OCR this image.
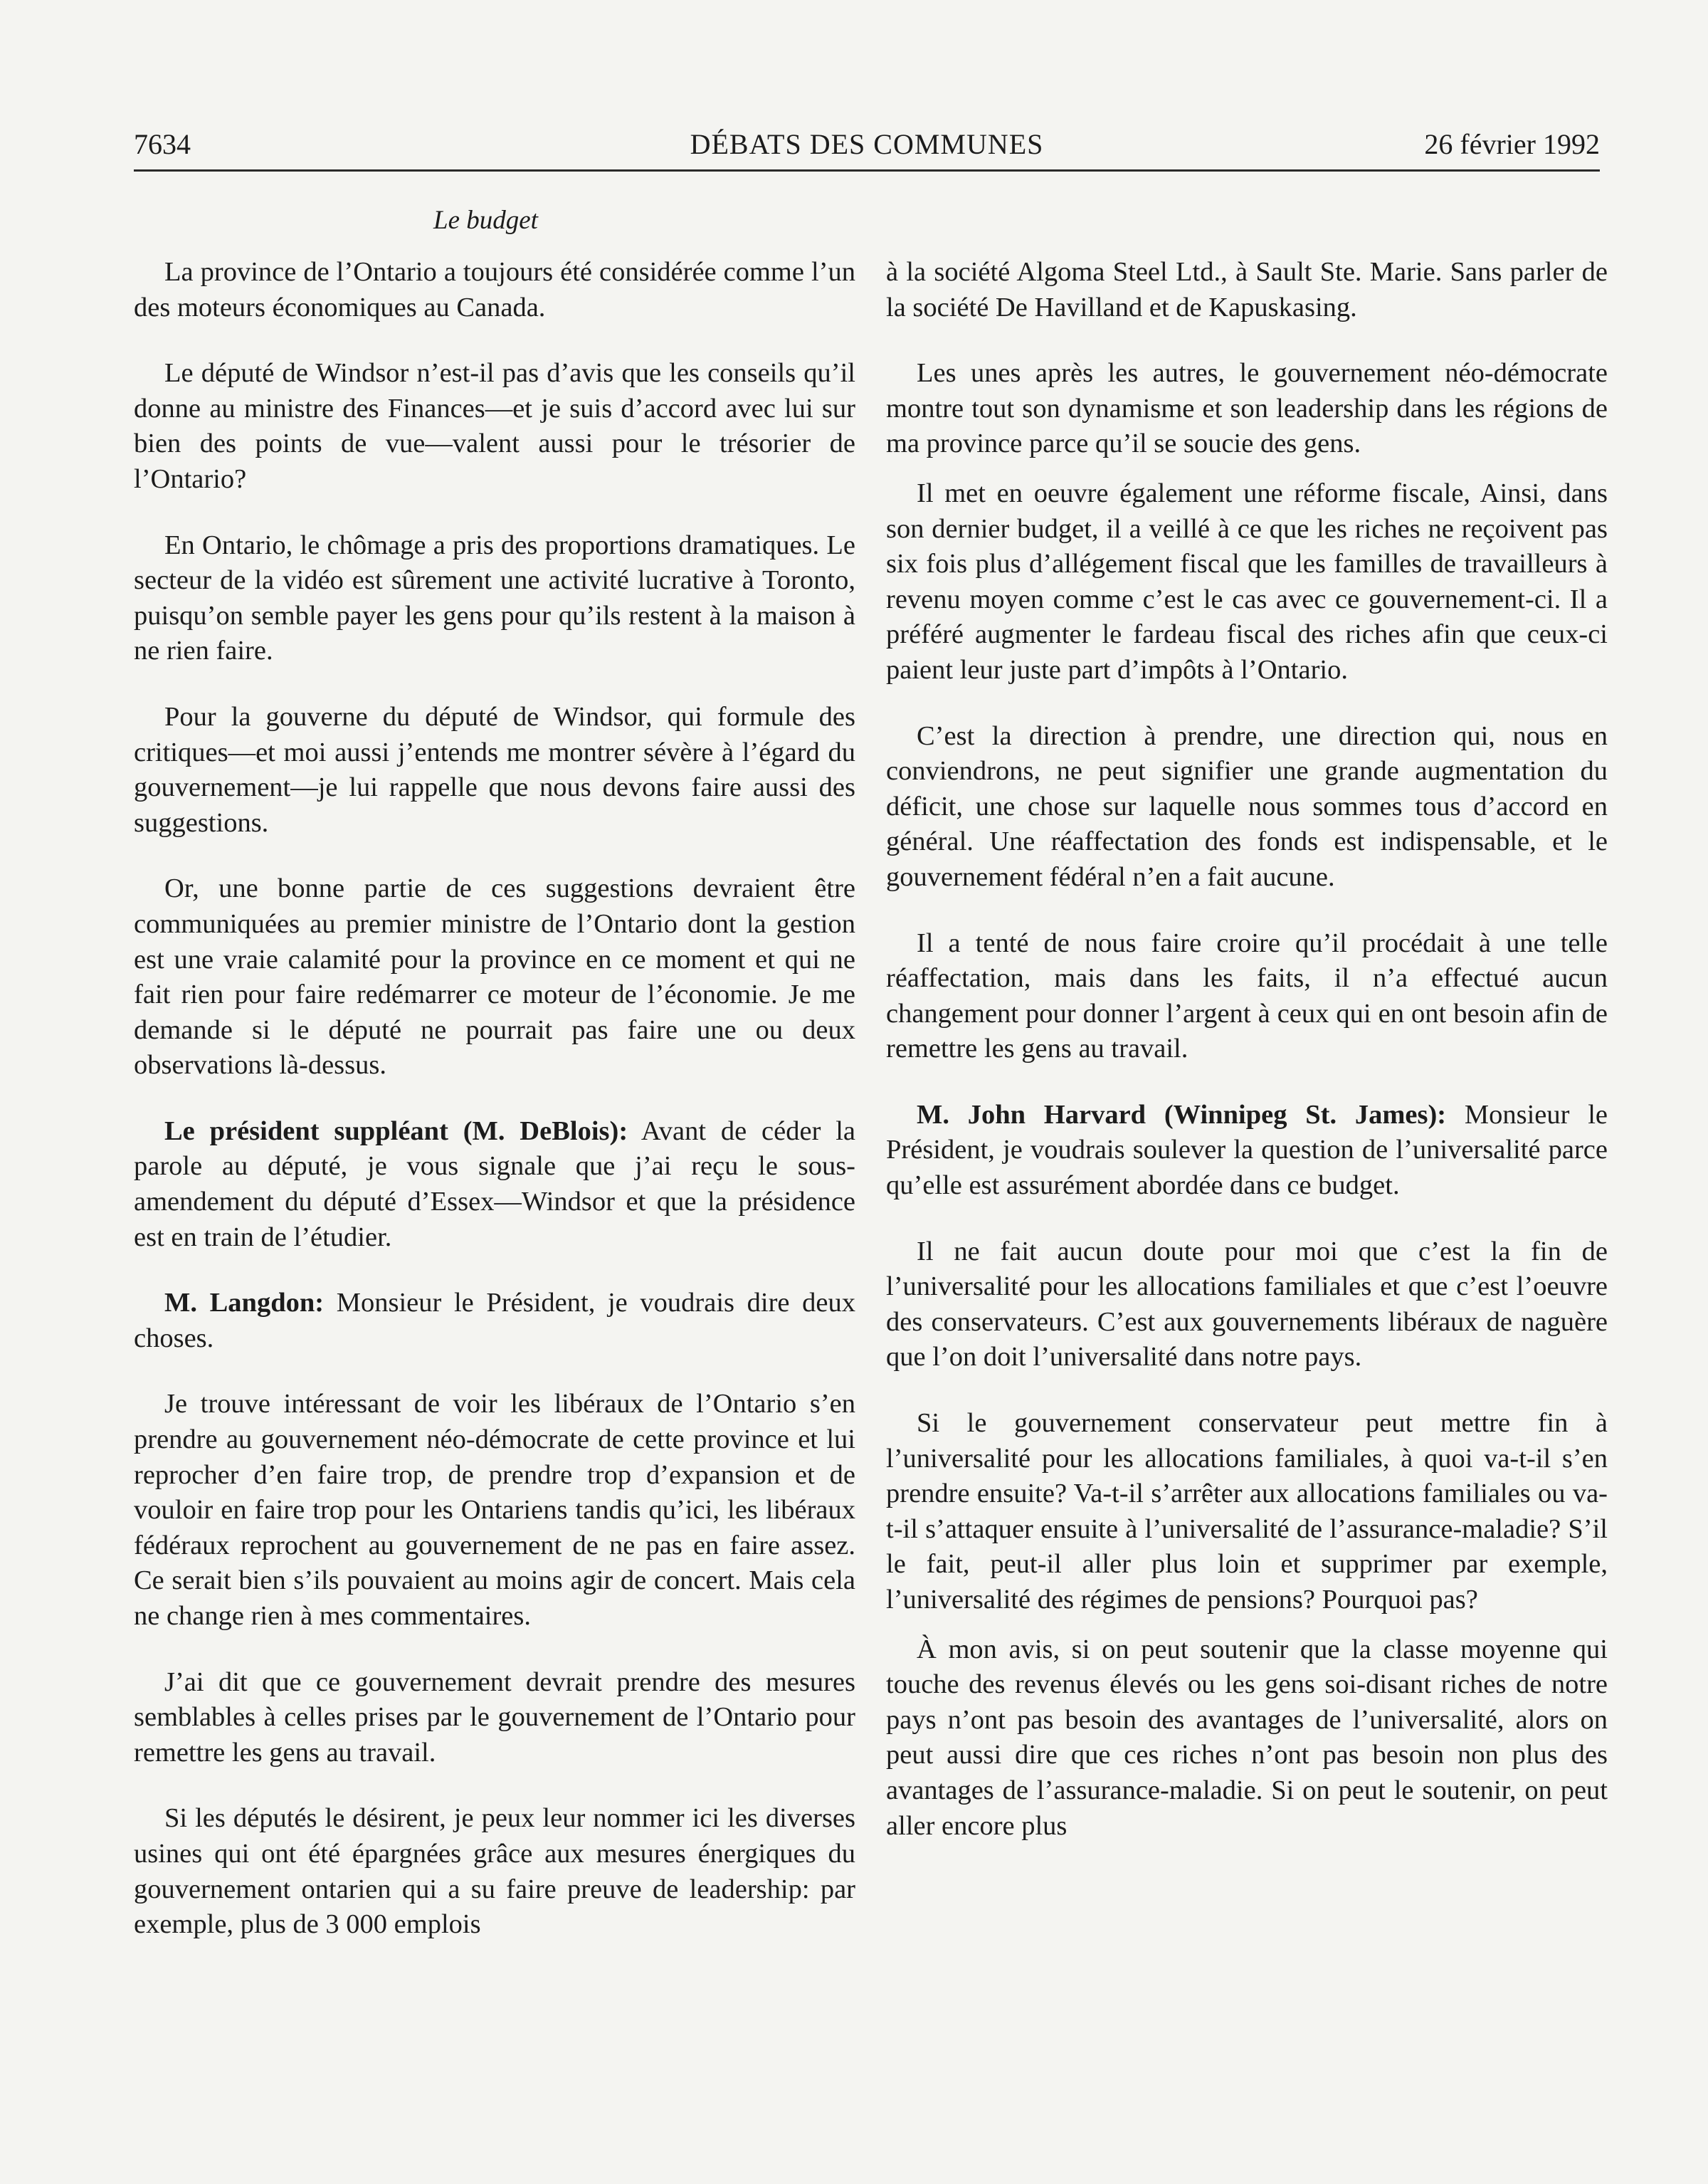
7634	DÉBATS DES COMMUNES	26 février 1992
Le budget

La province de l’Ontario a toujours été considérée comme l’un des moteurs économiques au Canada.

Le député de Windsor n’est-il pas d’avis que les conseils qu’il donne au ministre des Finances—et je suis d’accord avec lui sur bien des points de vue—valent aussi pour le trésorier de l’Ontario?

En Ontario, le chômage a pris des proportions dramatiques. Le secteur de la vidéo est sûrement une activité lucrative à Toronto, puisqu’on semble payer les gens pour qu’ils restent à la maison à ne rien faire.

Pour la gouverne du député de Windsor, qui formule des critiques—et moi aussi j’entends me montrer sévère à l’égard du gouvernement—je lui rappelle que nous devons faire aussi des suggestions.

Or, une bonne partie de ces suggestions devraient être communiquées au premier ministre de l’Ontario dont la gestion est une vraie calamité pour la province en ce moment et qui ne fait rien pour faire redémarrer ce moteur de l’économie. Je me demande si le député ne pourrait pas faire une ou deux observations là-dessus.

Le président suppléant (M. DeBlois): Avant de céder la parole au député, je vous signale que j’ai reçu le sous-amendement du député d’Essex—Windsor et que la présidence est en train de l’étudier.

M. Langdon: Monsieur le Président, je voudrais dire deux choses.

Je trouve intéressant de voir les libéraux de l’Ontario s’en prendre au gouvernement néo-démocrate de cette province et lui reprocher d’en faire trop, de prendre trop d’expansion et de vouloir en faire trop pour les Ontariens tandis qu’ici, les libéraux fédéraux reprochent au gouvernement de ne pas en faire assez. Ce serait bien s’ils pouvaient au moins agir de concert. Mais cela ne change rien à mes commentaires.

J’ai dit que ce gouvernement devrait prendre des mesures semblables à celles prises par le gouvernement de l’Ontario pour remettre les gens au travail.

Si les députés le désirent, je peux leur nommer ici les diverses usines qui ont été épargnées grâce aux mesures énergiques du gouvernement ontarien qui a su faire preuve de leadership: par exemple, plus de 3 000 emplois

à la société Algoma Steel Ltd., à Sault Ste. Marie. Sans parler de la société De Havilland et de Kapuskasing.

Les unes après les autres, le gouvernement néo-démocrate montre tout son dynamisme et son leadership dans les régions de ma province parce qu’il se soucie des gens.

Il met en oeuvre également une réforme fiscale, Ainsi, dans son dernier budget, il a veillé à ce que les riches ne reçoivent pas six fois plus d’allégement fiscal que les familles de travailleurs à revenu moyen comme c’est le cas avec ce gouvernement-ci. Il a préféré augmenter le fardeau fiscal des riches afin que ceux-ci paient leur juste part d’impôts à l’Ontario.

C’est la direction à prendre, une direction qui, nous en conviendrons, ne peut signifier une grande augmentation du déficit, une chose sur laquelle nous sommes tous d’accord en général. Une réaffectation des fonds est indispensable, et le gouvernement fédéral n’en a fait aucune.

Il a tenté de nous faire croire qu’il procédait à une telle réaffectation, mais dans les faits, il n’a effectué aucun changement pour donner l’argent à ceux qui en ont besoin afin de remettre les gens au travail.

M. John Harvard (Winnipeg St. James): Monsieur le Président, je voudrais soulever la question de l’universalité parce qu’elle est assurément abordée dans ce budget.

Il ne fait aucun doute pour moi que c’est la fin de l’universalité pour les allocations familiales et que c’est l’oeuvre des conservateurs. C’est aux gouvernements libéraux de naguère que l’on doit l’universalité dans notre pays.

Si le gouvernement conservateur peut mettre fin à l’universalité pour les allocations familiales, à quoi va-t-il s’en prendre ensuite? Va-t-il s’arrêter aux allocations familiales ou va-t-il s’attaquer ensuite à l’universalité de l’assurance-maladie? S’il le fait, peut-il aller plus loin et supprimer par exemple, l’universalité des régimes de pensions? Pourquoi pas?

À mon avis, si on peut soutenir que la classe moyenne qui touche des revenus élevés ou les gens soi-disant riches de notre pays n’ont pas besoin des avantages de l’universalité, alors on peut aussi dire que ces riches n’ont pas besoin non plus des avantages de l’assurance-maladie. Si on peut le soutenir, on peut aller encore plus
